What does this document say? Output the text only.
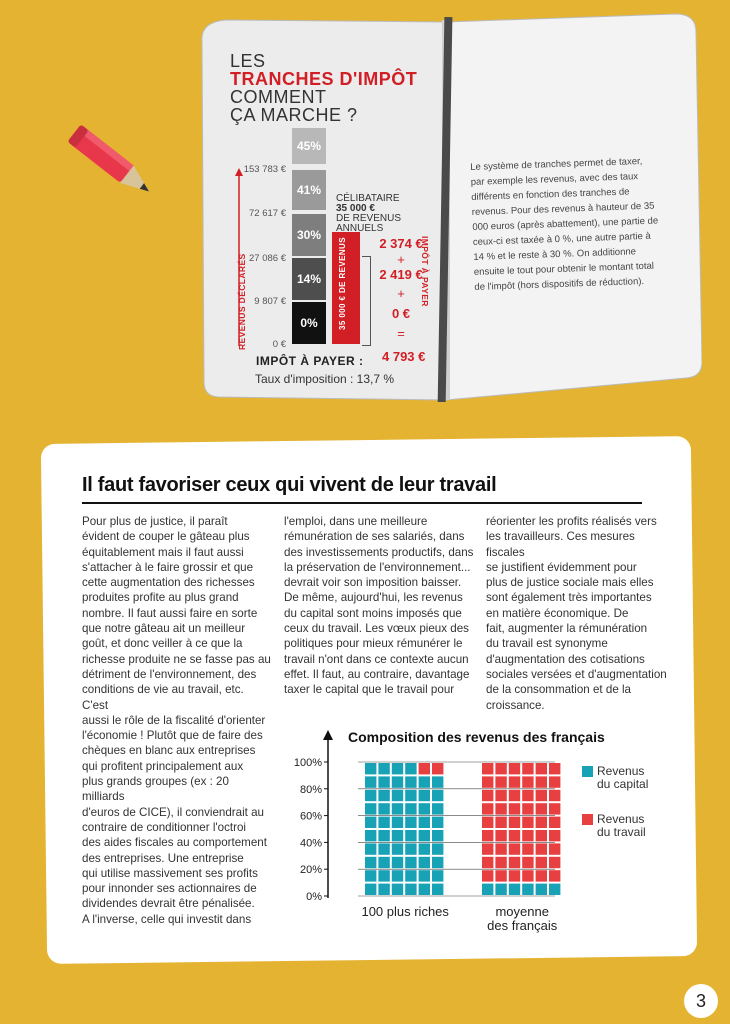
LES
TRANCHES D'IMPÔT
COMMENT
ÇA MARCHE ?
153 783 €
72 617 €
27 086 €
9 807 €
0 €
45%
41%
30%
14%
0%	35 000 € DE REVENUS
CÉLIBATAIRE
35 000 €
DE REVENUS
ANNUELS
REVENUS DÉCLARÉS	IMPÔT À PAYER
2 374 €
+
2 419 €
+
0 €
=
IMPÔT À PAYER : 4 793 €
Taux d'imposition : 13,7 %
Le système de tranches permet de taxer, par exemple les revenus, avec des taux différents en fonction des tranches de revenus. Pour des revenus à hauteur de 35 000 euros (après abattement), une partie de ceux-ci est taxée à 0 %, une autre partie à 14 % et le reste à 30 %. On additionne ensuite le tout pour obtenir le montant total de l'impôt (hors dispositifs de réduction).
Il faut favoriser ceux qui vivent de leur travail
Pour plus de justice, il paraît
évident de couper le gâteau plus
équitablement mais il faut aussi
s'attacher à le faire grossir et que
cette augmentation des richesses
produites profite au plus grand
nombre. Il faut aussi faire en sorte
que notre gâteau ait un meilleur
goût, et donc veiller à ce que la
richesse produite ne se fasse pas au
détriment de l'environnement, des
conditions de vie au travail, etc. C'est
aussi le rôle de la fiscalité d'orienter
l'économie ! Plutôt que de faire des
chèques en blanc aux entreprises
qui profitent principalement aux
plus grands groupes (ex : 20 milliards
d'euros de CICE), il conviendrait au
contraire de conditionner l'octroi
des aides fiscales au comportement
des entreprises. Une entreprise
qui utilise massivement ses profits
pour innonder ses actionnaires de
dividendes devrait être pénalisée.
A l'inverse, celle qui investit dans
l'emploi, dans une meilleure
rémunération de ses salariés, dans
des investissements productifs, dans
la préservation de l'environnement...
devrait voir son imposition baisser.
De même, aujourd'hui, les revenus
du capital sont moins imposés que
ceux du travail. Les vœux pieux des
politiques pour mieux rémunérer le
travail n'ont dans ce contexte aucun
effet. Il faut, au contraire, davantage
taxer le capital que le travail pour
réorienter les profits réalisés vers
les travailleurs. Ces mesures fiscales
se justifient évidemment pour
plus de justice sociale mais elles
sont également très importantes
en matière économique. De
fait, augmenter la rémunération
du travail est synonyme
d'augmentation des cotisations
sociales versées et d'augmentation
de la consommation et de la
croissance.
Composition des revenus des français
0%
20%
40%
60%
80%
100%
100 plus riches	moyenne
des français
Revenus
du capital
Revenus
du travail
3
